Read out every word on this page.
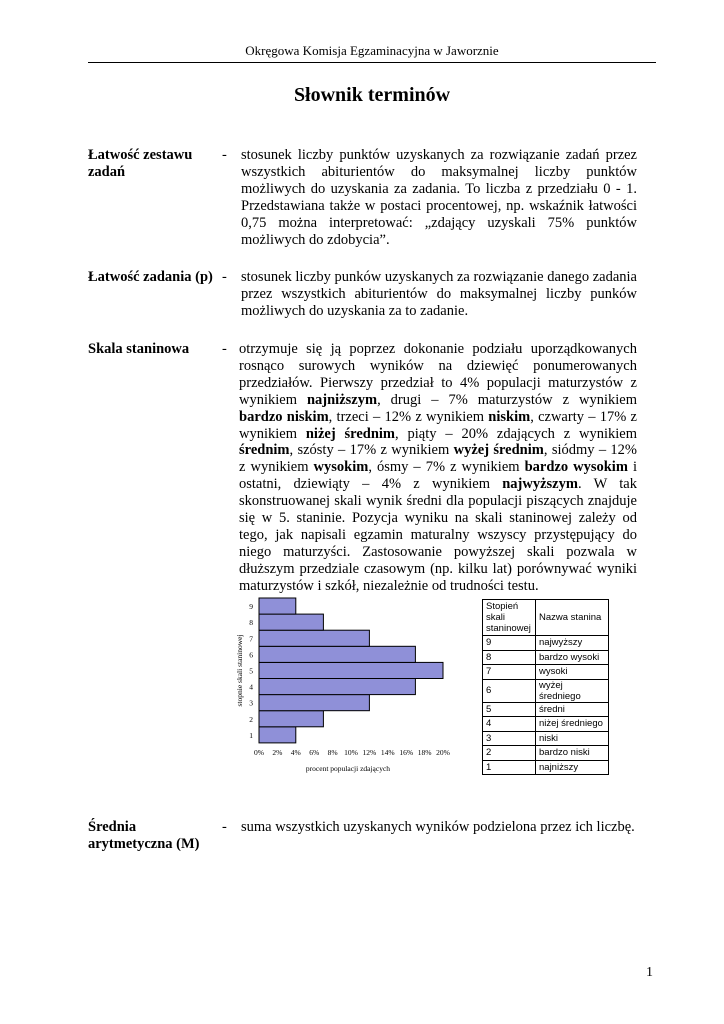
Okręgowa Komisja Egzaminacyjna w Jaworznie
Słownik terminów
Łatwość zestawu zadań
- stosunek liczby punktów uzyskanych za rozwiązanie zadań przez wszystkich abiturientów do maksymalnej liczby punktów możliwych do uzyskania za zadania. To liczba z przedziału 0 - 1. Przedstawiana także w postaci procentowej, np. wskaźnik łatwości 0,75 można interpretować: „zdający uzyskali 75% punktów możliwych do zdobycia”.
Łatwość zadania (p) - stosunek liczby punków uzyskanych za rozwiązanie danego zadania przez wszystkich abiturientów do maksymalnej liczby punków możliwych do uzyskania za to zadanie.
Skala staninowa	- otrzymuje się ją poprzez dokonanie podziału uporządkowanych rosnąco surowych wyników na dziewięć ponumerowanych przedziałów. Pierwszy przedział to 4% populacji maturzystów z wynikiem najniższym, drugi – 7% maturzystów z wynikiem bardzo niskim, trzeci – 12% z wynikiem niskim, czwarty – 17% z wynikiem niżej średnim, piąty – 20% zdających z wynikiem średnim, szósty – 17% z wynikiem wyżej średnim, siódmy – 12% z wynikiem wysokim, ósmy – 7% z wynikiem bardzo wysokim i ostatni, dziewiąty – 4% z wynikiem najwyższym. W tak skonstruowanej skali wynik średni dla populacji piszących znajduje się w 5. staninie. Pozycja wyniku na skali staninowej zależy od tego, jak napisali egzamin maturalny wszyscy przystępujący do niego maturzyści. Zastosowanie powyższej skali pozwala w dłuższym przedziale czasowym (np. kilku lat) porównywać wyniki maturzystów i szkół, niezależnie od trudności testu.
1
2
3
4
5
6
7
8
9
0% 2% 4% 6% 8% 10% 12% 14% 16% 18% 20%
procent populacji zdających
stopnie skali staninowej
Stopień skali staninowej	Nazwa stanina
9	najwyższy
8	bardzo wysoki
7	wysoki
6	wyżej średniego
5	średni
4	niżej średniego
3	niski
2	bardzo niski
1	najniższy
Średnia arytmetyczna (M)
- suma wszystkich uzyskanych wyników podzielona przez ich liczbę.
1
